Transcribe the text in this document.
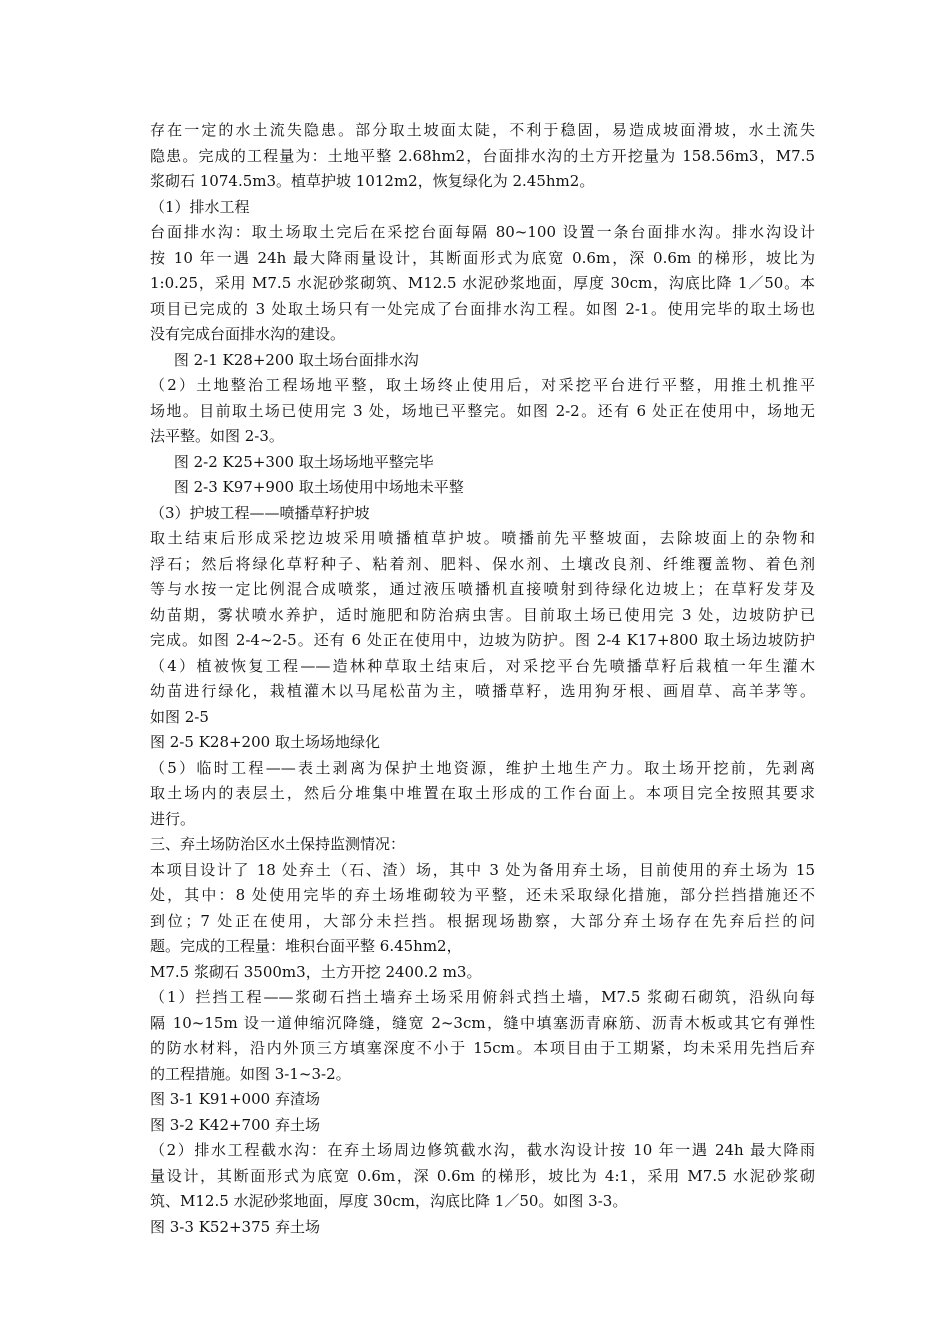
存在一定的水土流失隐患。部分取土坡面太陡，不利于稳固，易造成坡面滑坡，水土流失
隐患。完成的工程量为：土地平整 2.68hm2，台面排水沟的土方开挖量为 158.56m3，M7.5
浆砌石 1074.5m3。植草护坡 1012m2，恢复绿化为 2.45hm2。
（1）排水工程
台面排水沟：取土场取土完后在采挖台面每隔 80~100 设置一条台面排水沟。排水沟设计
按 10 年一遇 24h 最大降雨量设计，其断面形式为底宽 0.6m，深 0.6m 的梯形，坡比为
1:0.25，采用 M7.5 水泥砂浆砌筑、M12.5 水泥砂浆地面，厚度 30cm，沟底比降 1／50。本
项目已完成的 3 处取土场只有一处完成了台面排水沟工程。如图 2-1。使用完毕的取土场也
没有完成台面排水沟的建设。
图 2-1 K28+200 取土场台面排水沟
（2）土地整治工程场地平整，取土场终止使用后，对采挖平台进行平整，用推土机推平
场地。目前取土场已使用完 3 处，场地已平整完。如图 2-2。还有 6 处正在使用中，场地无
法平整。如图 2-3。
图 2-2 K25+300 取土场场地平整完毕
图 2-3 K97+900 取土场使用中场地未平整
（3）护坡工程——喷播草籽护坡
取土结束后形成采挖边坡采用喷播植草护坡。喷播前先平整坡面，去除坡面上的杂物和
浮石；然后将绿化草籽种子、粘着剂、肥料、保水剂、土壤改良剂、纤维覆盖物、着色剂
等与水按一定比例混合成喷浆，通过液压喷播机直接喷射到待绿化边坡上；在草籽发芽及
幼苗期，雾状喷水养护，适时施肥和防治病虫害。目前取土场已使用完 3 处，边坡防护已
完成。如图 2-4~2-5。还有 6 处正在使用中，边坡为防护。图 2-4 K17+800 取土场边坡防护
（4）植被恢复工程——造林种草取土结束后，对采挖平台先喷播草籽后栽植一年生灌木
幼苗进行绿化，栽植灌木以马尾松苗为主，喷播草籽，选用狗牙根、画眉草、高羊茅等。
如图 2-5
图 2-5 K28+200 取土场场地绿化
（5）临时工程——表土剥离为保护土地资源，维护土地生产力。取土场开挖前，先剥离
取土场内的表层土，然后分堆集中堆置在取土形成的工作台面上。本项目完全按照其要求
进行。
三、弃土场防治区水土保持监测情况：
本项目设计了 18 处弃土（石、渣）场，其中 3 处为备用弃土场，目前使用的弃土场为 15
处，其中：8 处使用完毕的弃土场堆砌较为平整，还未采取绿化措施，部分拦挡措施还不
到位；7 处正在使用，大部分未拦挡。根据现场勘察，大部分弃土场存在先弃后拦的问
题。完成的工程量：堆积台面平整 6.45hm2，
M7.5 浆砌石 3500m3，土方开挖 2400.2 m3。
（1）拦挡工程——浆砌石挡土墙弃土场采用俯斜式挡土墙，M7.5 浆砌石砌筑，沿纵向每
隔 10~15m 设一道伸缩沉降缝，缝宽 2~3cm，缝中填塞沥青麻筋、沥青木板或其它有弹性
的防水材料，沿内外顶三方填塞深度不小于 15cm。本项目由于工期紧，均未采用先挡后弃
的工程措施。如图 3-1~3-2。
图 3-1 K91+000 弃渣场
图 3-2 K42+700 弃土场
（2）排水工程截水沟：在弃土场周边修筑截水沟，截水沟设计按 10 年一遇 24h 最大降雨
量设计，其断面形式为底宽 0.6m，深 0.6m 的梯形，坡比为 4:1，采用 M7.5 水泥砂浆砌
筑、M12.5 水泥砂浆地面，厚度 30cm，沟底比降 1／50。如图 3-3。
图 3-3 K52+375 弃土场
